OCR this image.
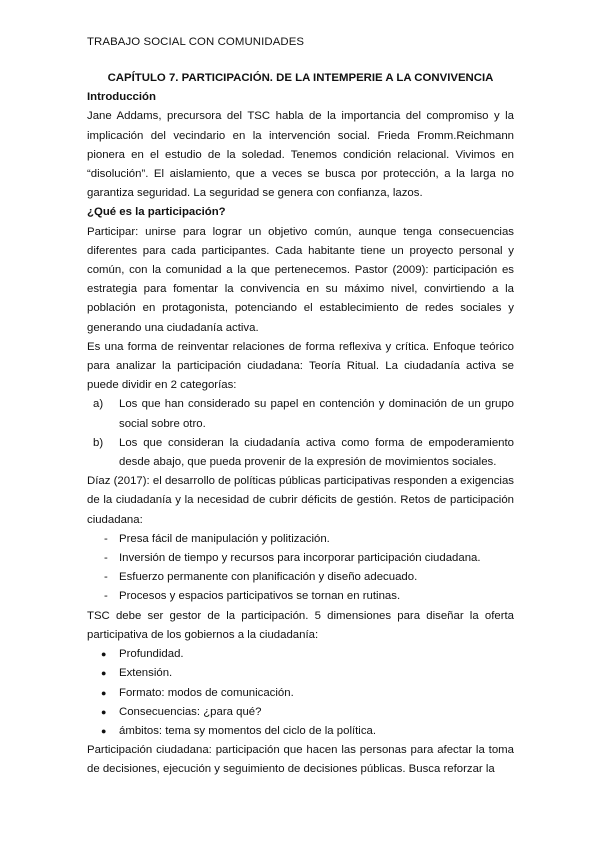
TRABAJO SOCIAL CON COMUNIDADES

CAPÍTULO 7. PARTICIPACIÓN. DE LA INTEMPERIE A LA CONVIVENCIA

Introducción

Jane Addams, precursora del TSC habla de la importancia del compromiso y la implicación del vecindario en la intervención social. Frieda Fromm.Reichmann pionera en el estudio de la soledad. Tenemos condición relacional. Vivimos en “disolución”. El aislamiento, que a veces se busca por protección, a la larga no garantiza seguridad. La seguridad se genera con confianza, lazos.

¿Qué es la participación?

Participar: unirse para lograr un objetivo común, aunque tenga consecuencias diferentes para cada participantes. Cada habitante tiene un proyecto personal y común, con la comunidad a la que pertenecemos. Pastor (2009): participación es estrategia para fomentar la convivencia en su máximo nivel, convirtiendo a la población en protagonista, potenciando el establecimiento de redes sociales y generando una ciudadanía activa.

Es una forma de reinventar relaciones de forma reflexiva y crítica. Enfoque teórico para analizar la participación ciudadana: Teoría Ritual. La ciudadanía activa se puede dividir en 2 categorías:

a) Los que han considerado su papel en contención y dominación de un grupo social sobre otro.
b) Los que consideran la ciudadanía activa como forma de empoderamiento desde abajo, que pueda provenir de la expresión de movimientos sociales.

Díaz (2017): el desarrollo de políticas públicas participativas responden a exigencias de la ciudadanía y la necesidad de cubrir déficits de gestión. Retos de participación ciudadana:

- Presa fácil de manipulación y politización.
- Inversión de tiempo y recursos para incorporar participación ciudadana.
- Esfuerzo permanente con planificación y diseño adecuado.
- Procesos y espacios participativos se tornan en rutinas.

TSC debe ser gestor de la participación. 5 dimensiones para diseñar la oferta participativa de los gobiernos a la ciudadanía:

● Profundidad.
● Extensión.
● Formato: modos de comunicación.
● Consecuencias: ¿para qué?
● ámbitos: tema sy momentos del ciclo de la política.

Participación ciudadana: participación que hacen las personas para afectar la toma de decisiones, ejecución y seguimiento de decisiones públicas. Busca reforzar la
